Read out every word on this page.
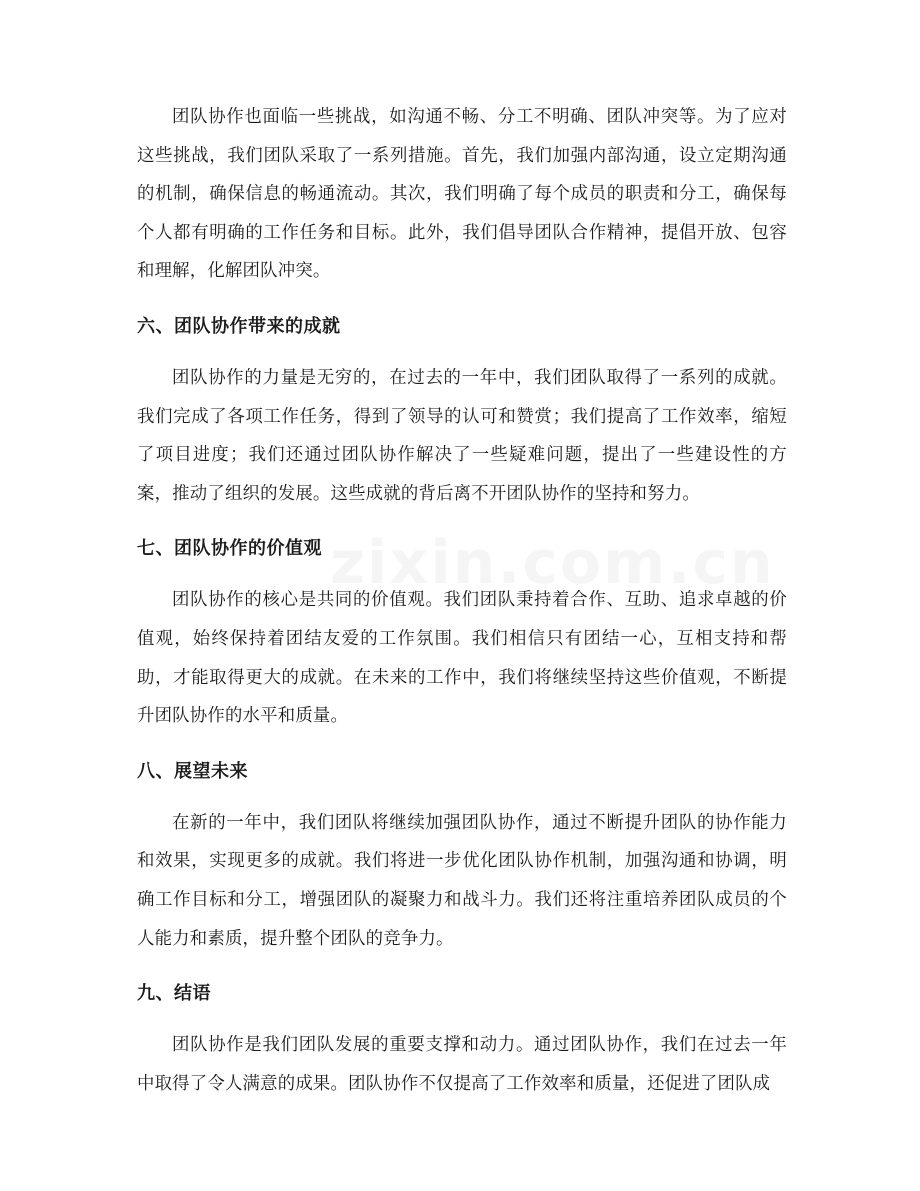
团队协作也面临一些挑战，如沟通不畅、分工不明确、团队冲突等。为了应对这些挑战，我们团队采取了一系列措施。首先，我们加强内部沟通，设立定期沟通的机制，确保信息的畅通流动。其次，我们明确了每个成员的职责和分工，确保每个人都有明确的工作任务和目标。此外，我们倡导团队合作精神，提倡开放、包容和理解，化解团队冲突。

六、团队协作带来的成就

团队协作的力量是无穷的，在过去的一年中，我们团队取得了一系列的成就。我们完成了各项工作任务，得到了领导的认可和赞赏；我们提高了工作效率，缩短了项目进度；我们还通过团队协作解决了一些疑难问题，提出了一些建设性的方案，推动了组织的发展。这些成就的背后离不开团队协作的坚持和努力。

七、团队协作的价值观

团队协作的核心是共同的价值观。我们团队秉持着合作、互助、追求卓越的价值观，始终保持着团结友爱的工作氛围。我们相信只有团结一心，互相支持和帮助，才能取得更大的成就。在未来的工作中，我们将继续坚持这些价值观，不断提升团队协作的水平和质量。

八、展望未来

在新的一年中，我们团队将继续加强团队协作，通过不断提升团队的协作能力和效果，实现更多的成就。我们将进一步优化团队协作机制，加强沟通和协调，明确工作目标和分工，增强团队的凝聚力和战斗力。我们还将注重培养团队成员的个人能力和素质，提升整个团队的竞争力。

九、结语

团队协作是我们团队发展的重要支撑和动力。通过团队协作，我们在过去一年中取得了令人满意的成果。团队协作不仅提高了工作效率和质量，还促进了团队成
